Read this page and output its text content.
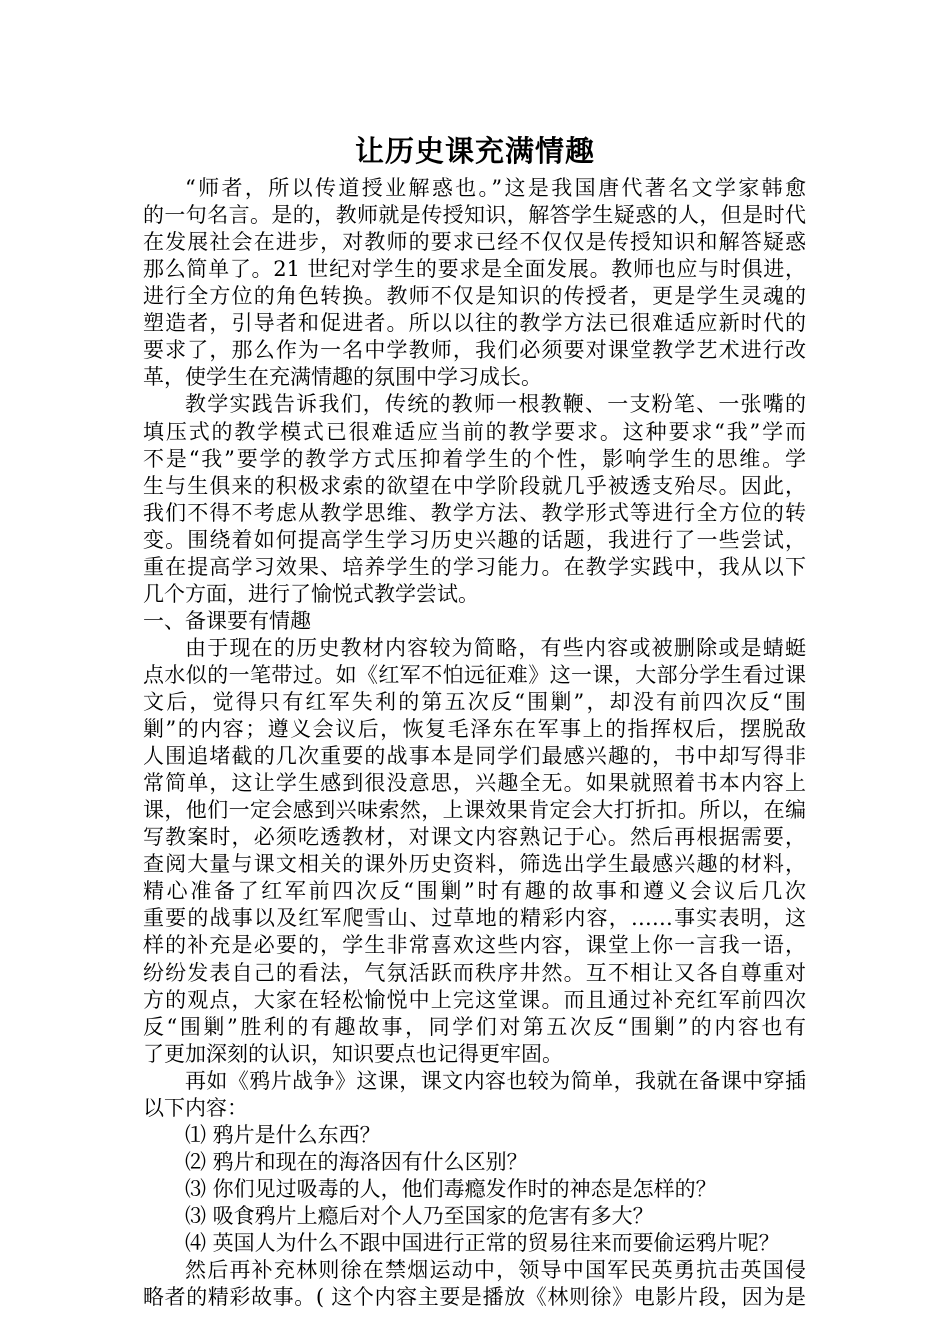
让历史课充满情趣
“师者，所以传道授业解惑也。”这是我国唐代著名文学家韩愈
的一句名言。是的，教师就是传授知识，解答学生疑惑的人，但是时代
在发展社会在进步，对教师的要求已经不仅仅是传授知识和解答疑惑
那么简单了。21 世纪对学生的要求是全面发展。教师也应与时俱进，
进行全方位的角色转换。教师不仅是知识的传授者，更是学生灵魂的
塑造者，引导者和促进者。所以以往的教学方法已很难适应新时代的
要求了，那么作为一名中学教师，我们必须要对课堂教学艺术进行改
革，使学生在充满情趣的氛围中学习成长。
教学实践告诉我们，传统的教师一根教鞭、一支粉笔、一张嘴的
填压式的教学模式已很难适应当前的教学要求。这种要求“我”学而
不是“我”要学的教学方式压抑着学生的个性，影响学生的思维。学
生与生俱来的积极求索的欲望在中学阶段就几乎被透支殆尽。因此，
我们不得不考虑从教学思维、教学方法、教学形式等进行全方位的转
变。围绕着如何提高学生学习历史兴趣的话题，我进行了一些尝试，
重在提高学习效果、培养学生的学习能力。在教学实践中，我从以下
几个方面，进行了愉悦式教学尝试。
一、备课要有情趣
由于现在的历史教材内容较为简略，有些内容或被删除或是蜻蜓
点水似的一笔带过。如《红军不怕远征难》这一课，大部分学生看过课
文后，觉得只有红军失利的第五次反“围剿”，却没有前四次反“围
剿”的内容；遵义会议后，恢复毛泽东在军事上的指挥权后，摆脱敌
人围追堵截的几次重要的战事本是同学们最感兴趣的，书中却写得非
常简单，这让学生感到很没意思，兴趣全无。如果就照着书本内容上
课，他们一定会感到兴味索然，上课效果肯定会大打折扣。所以，在编
写教案时，必须吃透教材，对课文内容熟记于心。然后再根据需要，
查阅大量与课文相关的课外历史资料，筛选出学生最感兴趣的材料，
精心准备了红军前四次反“围剿”时有趣的故事和遵义会议后几次
重要的战事以及红军爬雪山、过草地的精彩内容，……事实表明，这
样的补充是必要的，学生非常喜欢这些内容，课堂上你一言我一语，
纷纷发表自己的看法，气氛活跃而秩序井然。互不相让又各自尊重对
方的观点，大家在轻松愉悦中上完这堂课。而且通过补充红军前四次
反“围剿”胜利的有趣故事，同学们对第五次反“围剿”的内容也有
了更加深刻的认识，知识要点也记得更牢固。
再如《鸦片战争》这课，课文内容也较为简单，我就在备课中穿插
以下内容：
⑴ 鸦片是什么东西？
⑵ 鸦片和现在的海洛因有什么区别？
⑶ 你们见过吸毒的人，他们毒瘾发作时的神态是怎样的？
⑶ 吸食鸦片上瘾后对个人乃至国家的危害有多大？
⑷ 英国人为什么不跟中国进行正常的贸易往来而要偷运鸦片呢？
然后再补充林则徐在禁烟运动中，领导中国军民英勇抗击英国侵
略者的精彩故事。( 这个内容主要是播放《林则徐》电影片段，因为是
